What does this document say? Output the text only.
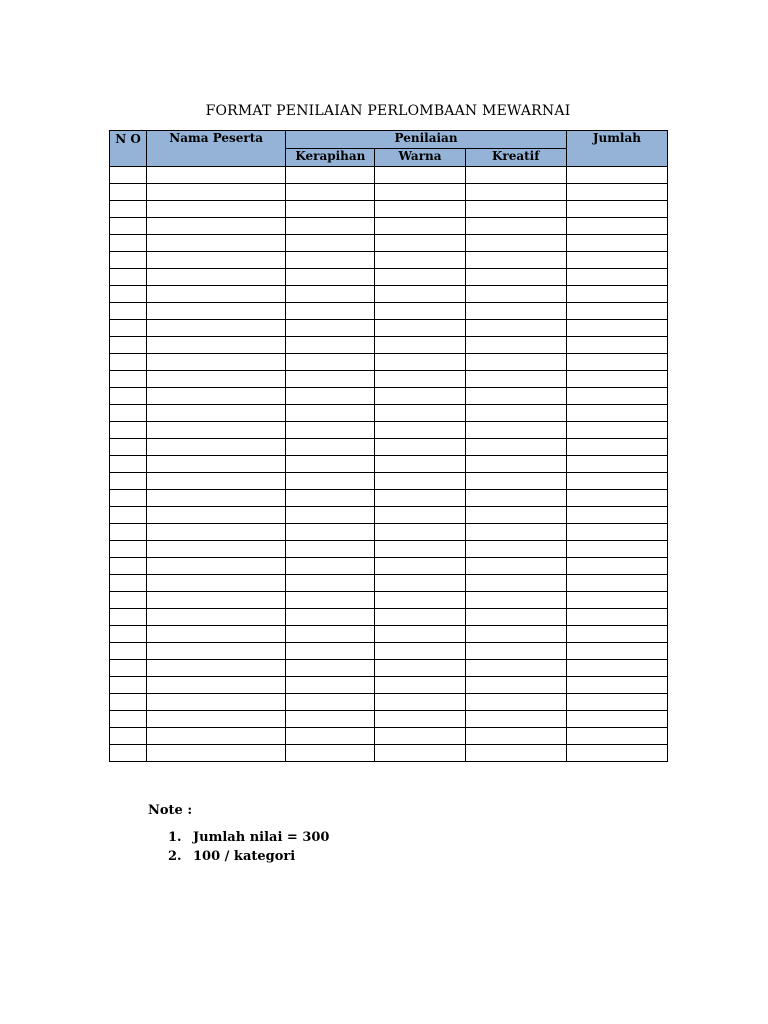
FORMAT PENILAIAN PERLOMBAAN MEWARNAI
N O	Nama Peserta	Penilaian			Jumlah
		Kerapihan	Warna	Kreatif	

Note :
1. Jumlah nilai = 300
2. 100 / kategori
